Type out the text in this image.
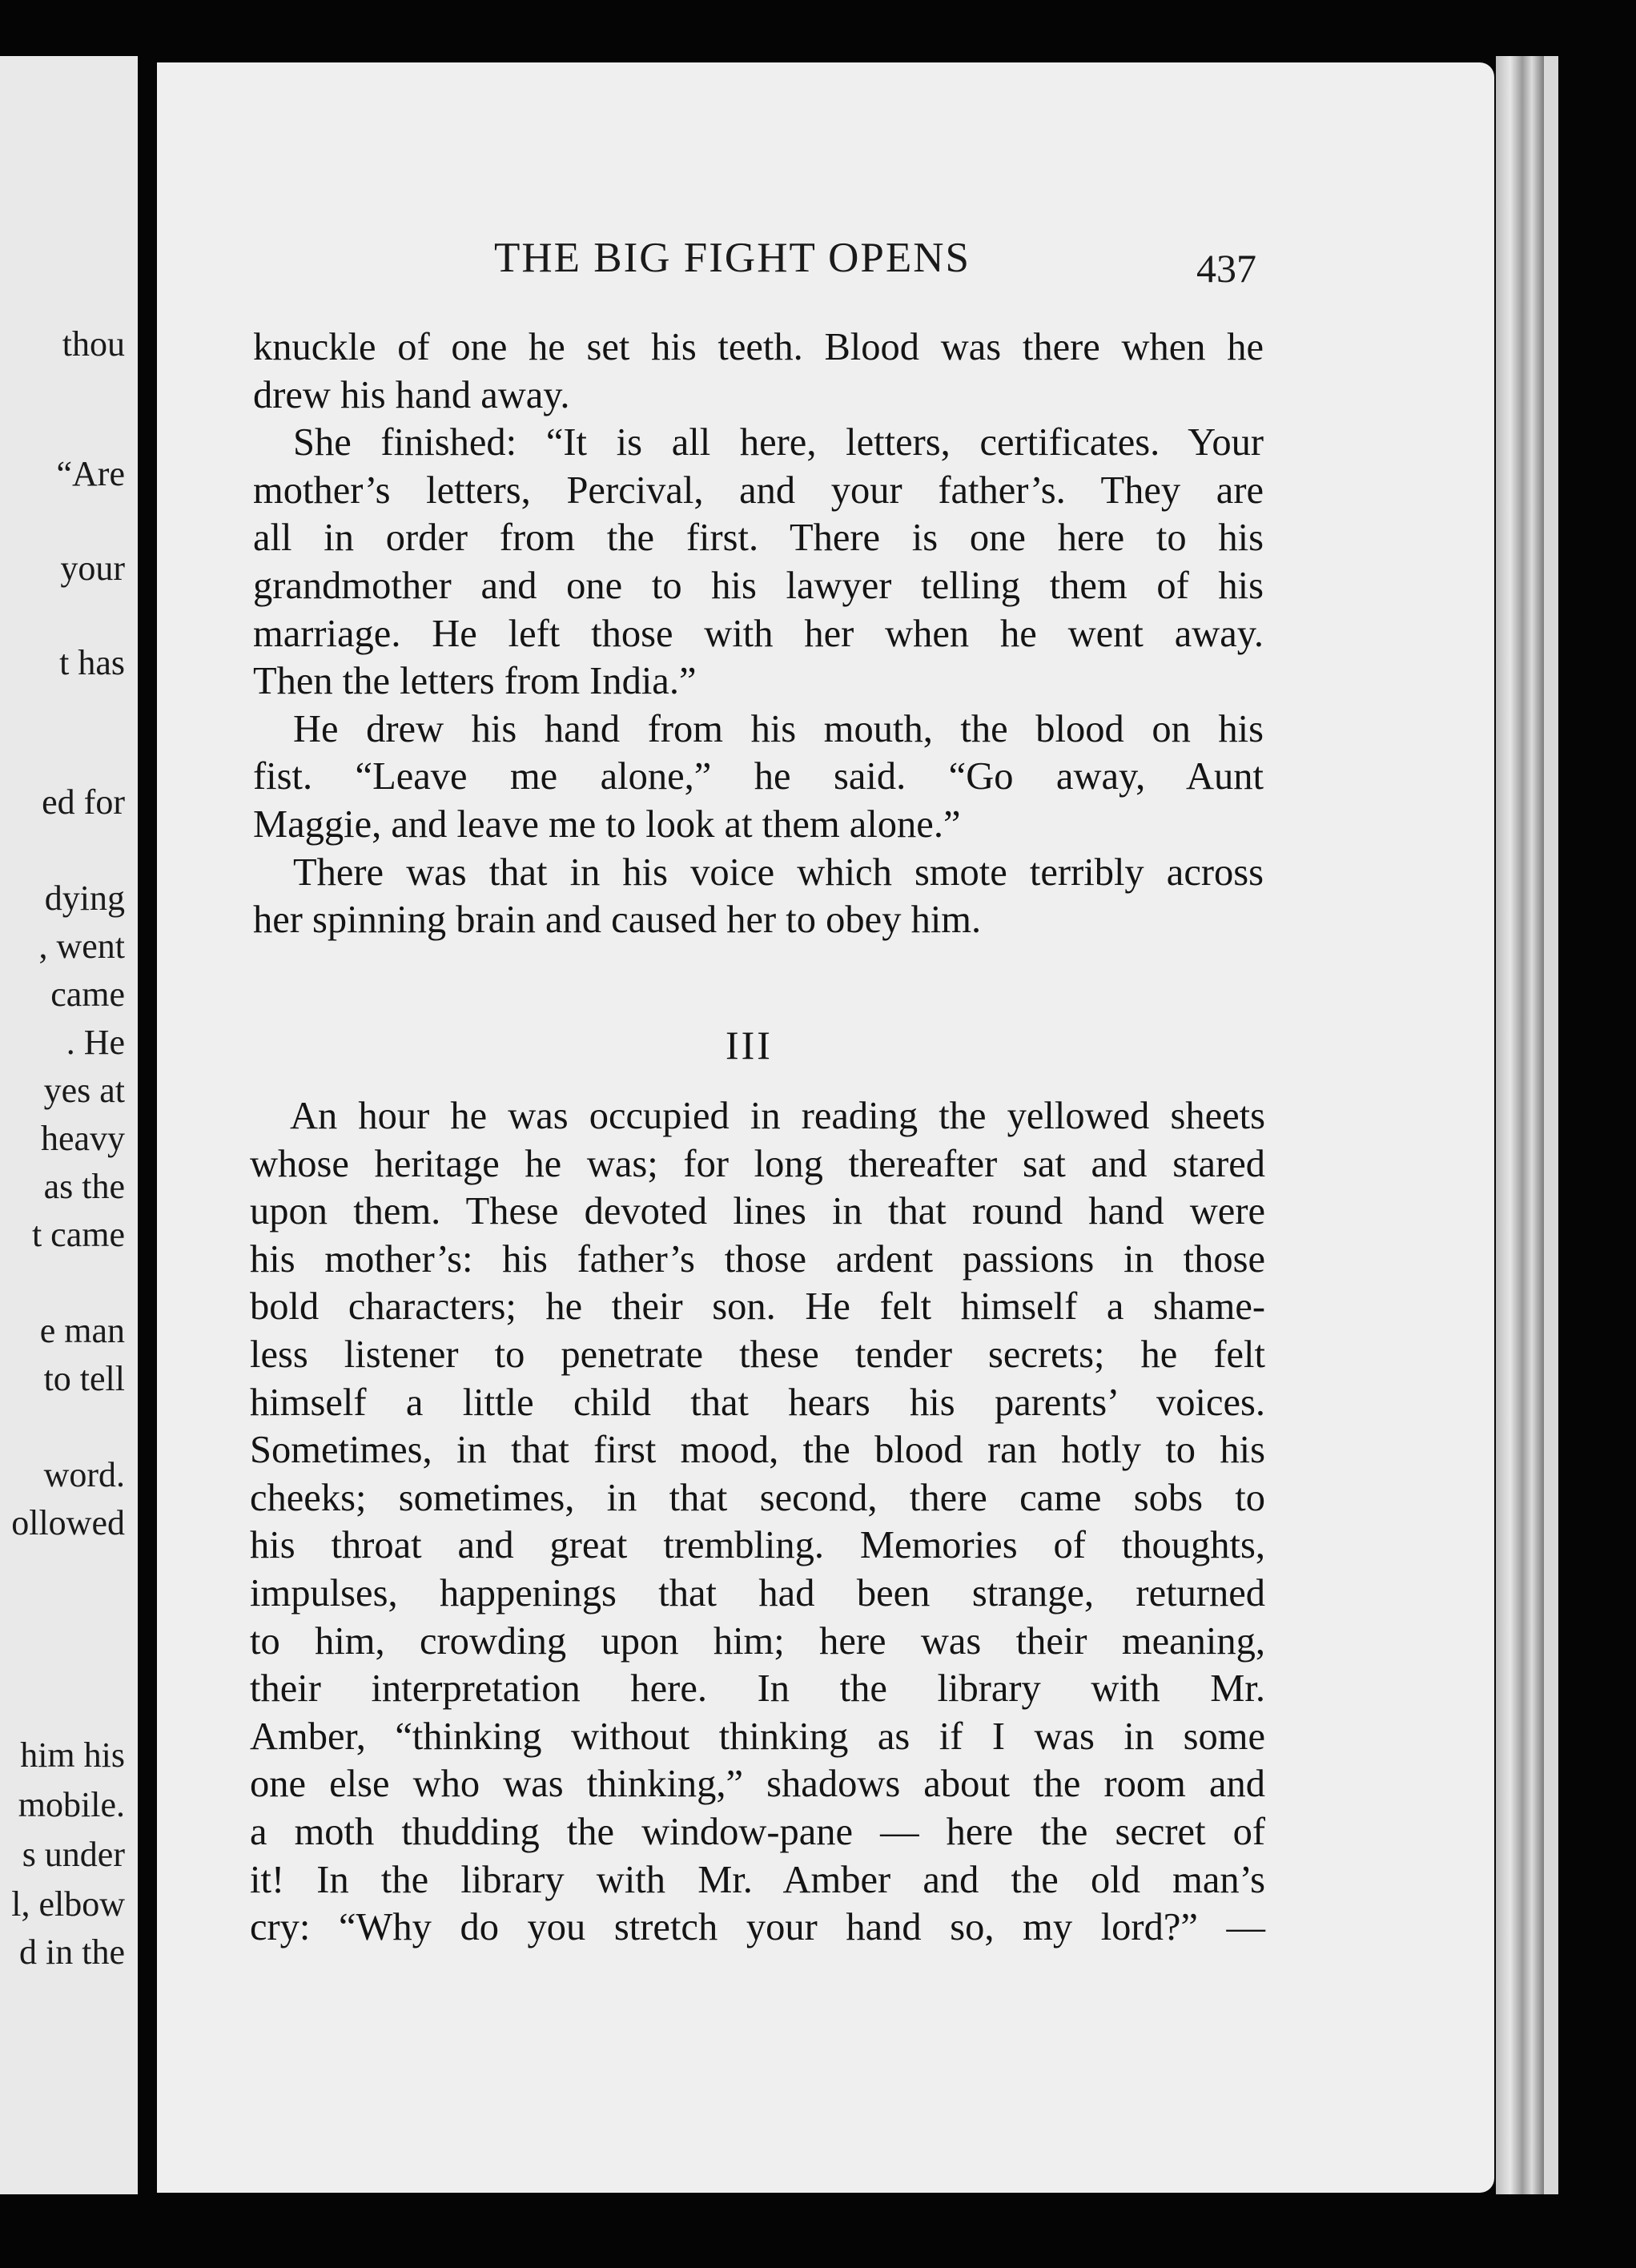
thou
“Are
your
t has
ed for
dying
, went
came
. He
yes at
heavy
as the
t came
e man
to tell
word.
ollowed
him his
mobile.
s under
l, elbow
d in the
THE BIG FIGHT OPENS	437
knuckle of one he set his teeth. Blood was there when he
drew his hand away.
She finished: “It is all here, letters, certificates. Your
mother’s letters, Percival, and your father’s. They are
all in order from the first. There is one here to his
grandmother and one to his lawyer telling them of his
marriage. He left those with her when he went away.
Then the letters from India.”
He drew his hand from his mouth, the blood on his
fist. “Leave me alone,” he said. “Go away, Aunt
Maggie, and leave me to look at them alone.”
There was that in his voice which smote terribly across
her spinning brain and caused her to obey him.
III
An hour he was occupied in reading the yellowed sheets
whose heritage he was; for long thereafter sat and stared
upon them. These devoted lines in that round hand were
his mother’s: his father’s those ardent passions in those
bold characters; he their son. He felt himself a shame-
less listener to penetrate these tender secrets; he felt
himself a little child that hears his parents’ voices.
Sometimes, in that first mood, the blood ran hotly to his
cheeks; sometimes, in that second, there came sobs to
his throat and great trembling. Memories of thoughts,
impulses, happenings that had been strange, returned
to him, crowding upon him; here was their meaning,
their interpretation here. In the library with Mr.
Amber, “thinking without thinking as if I was in some
one else who was thinking,” shadows about the room and
a moth thudding the window-pane — here the secret of
it! In the library with Mr. Amber and the old man’s
cry: “Why do you stretch your hand so, my lord?” —
